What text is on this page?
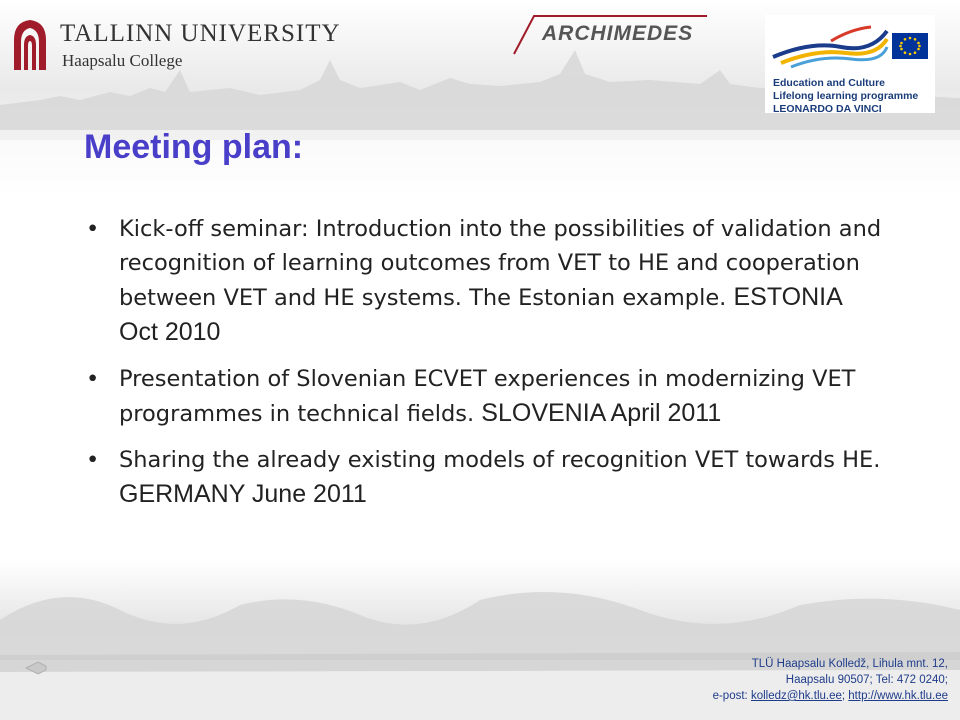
TALLINN UNIVERSITY
Haapsalu College
ARCHIMEDES
Education and Culture
Lifelong learning programme
LEONARDO DA VINCI
Meeting plan:
• Kick-off seminar: Introduction into the possibilities of validation and recognition of learning outcomes from VET to HE and cooperation between VET and HE systems. The Estonian example. ESTONIA Oct 2010
• Presentation of Slovenian ECVET experiences in modernizing VET programmes in technical fields. SLOVENIA April 2011
• Sharing the already existing models of recognition VET towards HE. GERMANY June 2011
TLÜ Haapsalu Kolledž, Lihula mnt. 12,
Haapsalu 90507; Tel: 472 0240;
e-post: kolledz@hk.tlu.ee; http://www.hk.tlu.ee
